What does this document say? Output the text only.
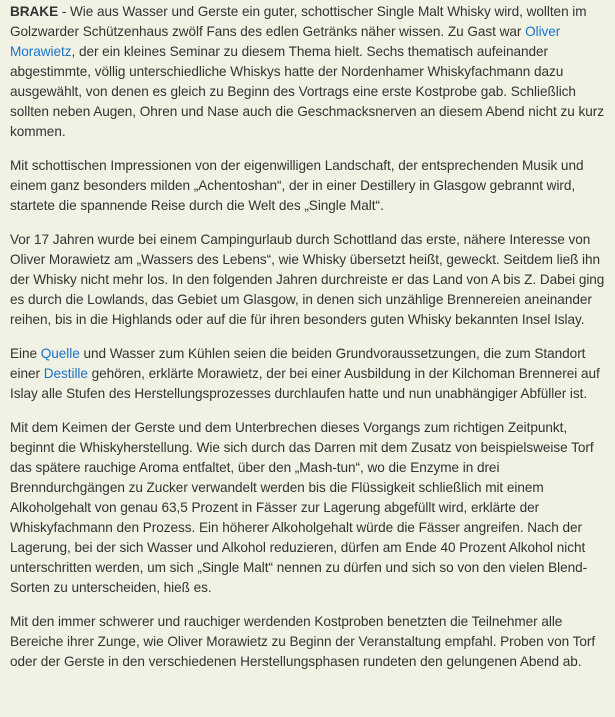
BRAKE - Wie aus Wasser und Gerste ein guter, schottischer Single Malt Whisky wird, wollten im Golzwarder Schützenhaus zwölf Fans des edlen Getränks näher wissen. Zu Gast war Oliver Morawietz, der ein kleines Seminar zu diesem Thema hielt. Sechs thematisch aufeinander abgestimmte, völlig unterschiedliche Whiskys hatte der Nordenhamer Whiskyfachmann dazu ausgewählt, von denen es gleich zu Beginn des Vortrags eine erste Kostprobe gab. Schließlich sollten neben Augen, Ohren und Nase auch die Geschmacksnerven an diesem Abend nicht zu kurz kommen.

Mit schottischen Impressionen von der eigenwilligen Landschaft, der entsprechenden Musik und einem ganz besonders milden „Achentoshan“, der in einer Destillery in Glasgow gebrannt wird, startete die spannende Reise durch die Welt des „Single Malt“.

Vor 17 Jahren wurde bei einem Campingurlaub durch Schottland das erste, nähere Interesse von Oliver Morawietz am „Wassers des Lebens“, wie Whisky übersetzt heißt, geweckt. Seitdem ließ ihn der Whisky nicht mehr los. In den folgenden Jahren durchreiste er das Land von A bis Z. Dabei ging es durch die Lowlands, das Gebiet um Glasgow, in denen sich unzählige Brennereien aneinander reihen, bis in die Highlands oder auf die für ihren besonders guten Whisky bekannten Insel Islay.

Eine Quelle und Wasser zum Kühlen seien die beiden Grundvoraussetzungen, die zum Standort einer Destille gehören, erklärte Morawietz, der bei einer Ausbildung in der Kilchoman Brennerei auf Islay alle Stufen des Herstellungsprozesses durchlaufen hatte und nun unabhängiger Abfüller ist.

Mit dem Keimen der Gerste und dem Unterbrechen dieses Vorgangs zum richtigen Zeitpunkt, beginnt die Whiskyherstellung. Wie sich durch das Darren mit dem Zusatz von beispielsweise Torf das spätere rauchige Aroma entfaltet, über den „Mash-tun“, wo die Enzyme in drei Brenndurchgängen zu Zucker verwandelt werden bis die Flüssigkeit schließlich mit einem Alkoholgehalt von genau 63,5 Prozent in Fässer zur Lagerung abgefüllt wird, erklärte der Whiskyfachmann den Prozess. Ein höherer Alkoholgehalt würde die Fässer angreifen. Nach der Lagerung, bei der sich Wasser und Alkohol reduzieren, dürfen am Ende 40 Prozent Alkohol nicht unterschritten werden, um sich „Single Malt“ nennen zu dürfen und sich so von den vielen Blend-Sorten zu unterscheiden, hieß es.

Mit den immer schwerer und rauchiger werdenden Kostproben benetzten die Teilnehmer alle Bereiche ihrer Zunge, wie Oliver Morawietz zu Beginn der Veranstaltung empfahl. Proben von Torf oder der Gerste in den verschiedenen Herstellungsphasen rundeten den gelungenen Abend ab.
